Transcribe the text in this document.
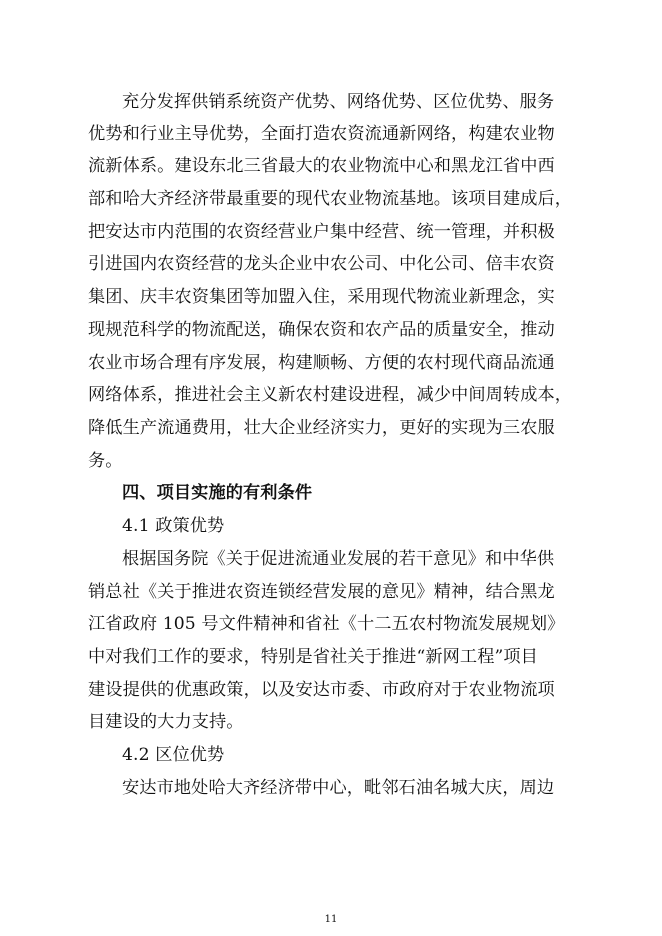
充分发挥供销系统资产优势、网络优势、区位优势、服务
优势和行业主导优势，全面打造农资流通新网络，构建农业物
流新体系。建设东北三省最大的农业物流中心和黑龙江省中西
部和哈大齐经济带最重要的现代农业物流基地。该项目建成后，
把安达市内范围的农资经营业户集中经营、统一管理，并积极
引进国内农资经营的龙头企业中农公司、中化公司、倍丰农资
集团、庆丰农资集团等加盟入住，采用现代物流业新理念，实
现规范科学的物流配送，确保农资和农产品的质量安全，推动
农业市场合理有序发展，构建顺畅、方便的农村现代商品流通
网络体系，推进社会主义新农村建设进程，减少中间周转成本，
降低生产流通费用，壮大企业经济实力，更好的实现为三农服
务。
四、项目实施的有利条件
4.1 政策优势
根据国务院《关于促进流通业发展的若干意见》和中华供
销总社《关于推进农资连锁经营发展的意见》精神，结合黑龙
江省政府 105 号文件精神和省社《十二五农村物流发展规划》
中对我们工作的要求，特别是省社关于推进“新网工程”项目
建设提供的优惠政策，以及安达市委、市政府对于农业物流项
目建设的大力支持。
4.2 区位优势
安达市地处哈大齐经济带中心，毗邻石油名城大庆，周边
11
